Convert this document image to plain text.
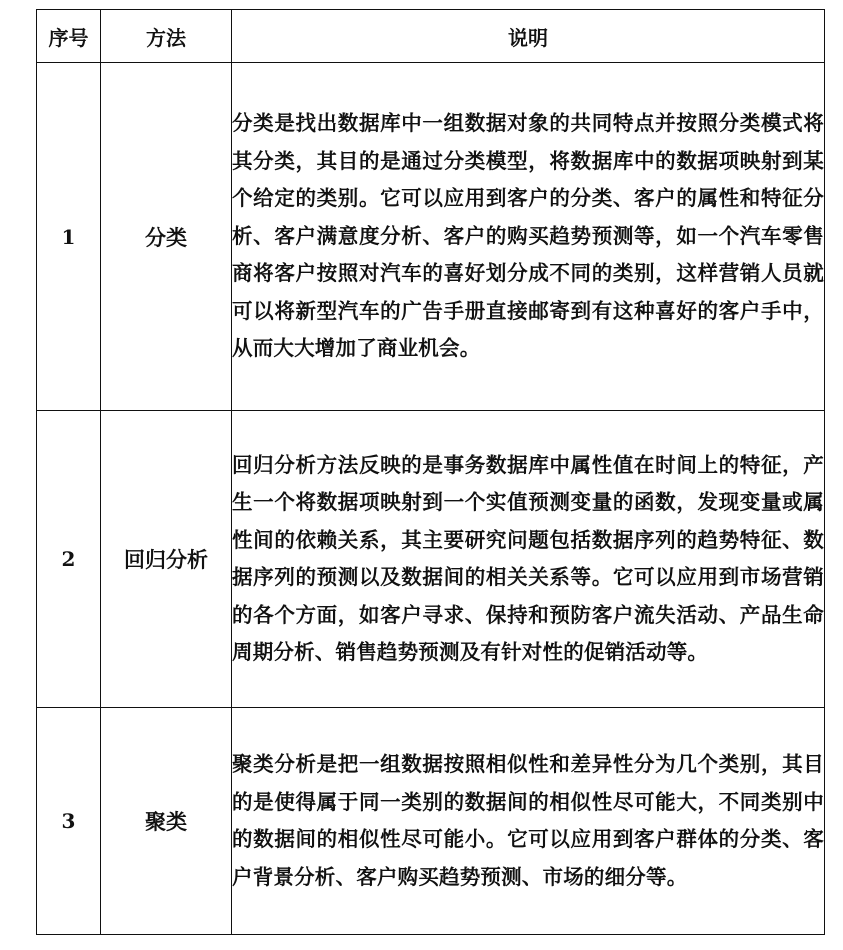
序号	方法	说明
1	分类	分类是找出数据库中一组数据对象的共同特点并按照分类模式将其分类，其目的是通过分类模型，将数据库中的数据项映射到某个给定的类别。它可以应用到客户的分类、客户的属性和特征分析、客户满意度分析、客户的购买趋势预测等，如一个汽车零售商将客户按照对汽车的喜好划分成不同的类别，这样营销人员就可以将新型汽车的广告手册直接邮寄到有这种喜好的客户手中，从而大大增加了商业机会。

2	回归分析	回归分析方法反映的是事务数据库中属性值在时间上的特征，产生一个将数据项映射到一个实值预测变量的函数，发现变量或属性间的依赖关系，其主要研究问题包括数据序列的趋势特征、数据序列的预测以及数据间的相关关系等。它可以应用到市场营销的各个方面，如客户寻求、保持和预防客户流失活动、产品生命周期分析、销售趋势预测及有针对性的促销活动等。

3	聚类	聚类分析是把一组数据按照相似性和差异性分为几个类别，其目的是使得属于同一类别的数据间的相似性尽可能大，不同类别中的数据间的相似性尽可能小。它可以应用到客户群体的分类、客户背景分析、客户购买趋势预测、市场的细分等。
